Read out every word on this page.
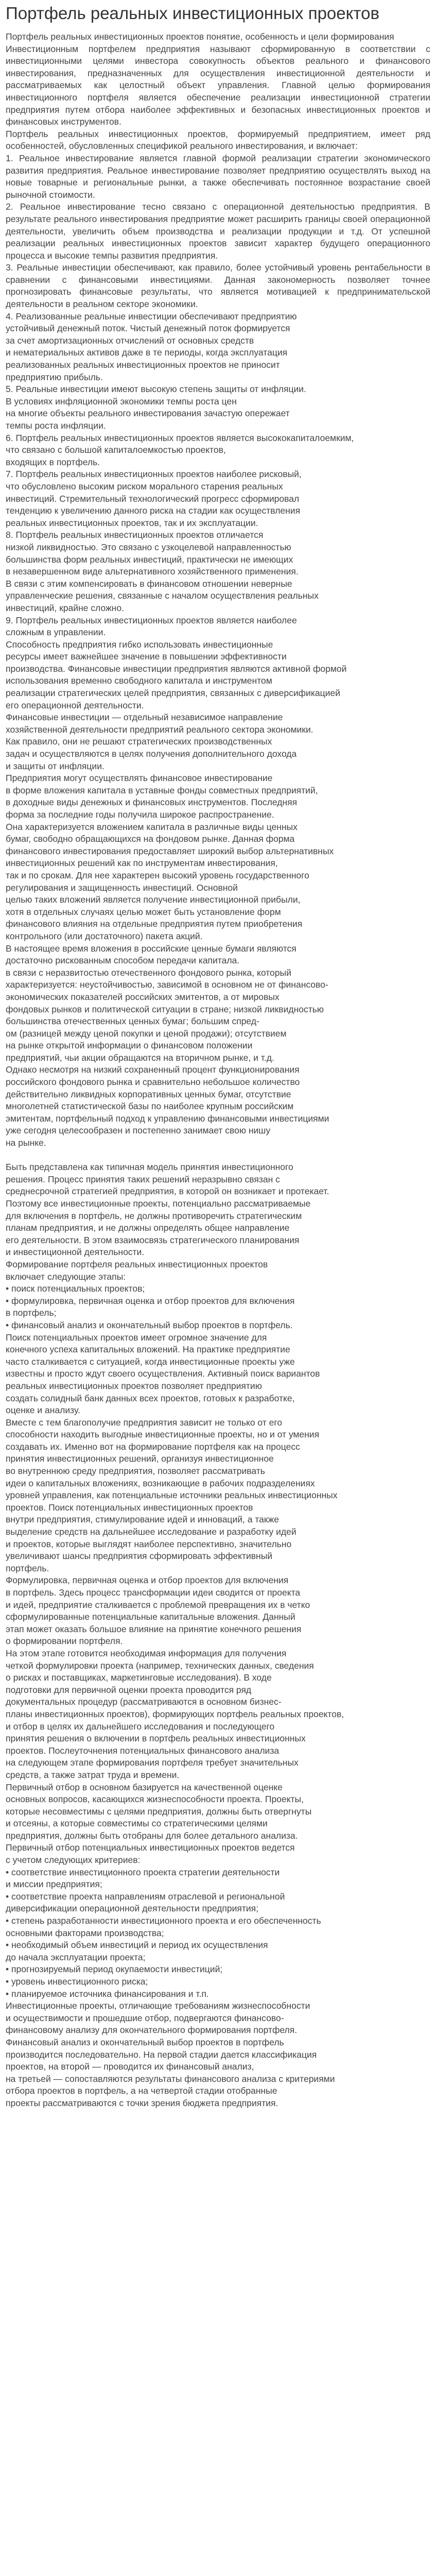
Портфель реальных инвестиционных проектов

Портфель реальных инвестиционных проектов понятие, особенность и цели формирования

Инвестиционным портфелем предприятия называют сформированную в соответствии с инвестиционными целями инвестора совокупность объектов реального и финансового инвестирования, предназначенных для осуществления инвестиционной деятельности и рассматриваемых как целостный объект управления. Главной целью формирования инвестиционного портфеля является обеспечение реализации инвестиционной стратегии предприятия путем отбора наиболее эффективных и безопасных инвестиционных проектов и финансовых инструментов.

Портфель реальных инвестиционных проектов, формируемый предприятием, имеет ряд особенностей, обусловленных спецификой реального инвестирования, и включает:

1. Реальное инвестирование является главной формой реализации стратегии экономического развития предприятия. Реальное инвестирование позволяет предприятию осуществлять выход на новые товарные и региональные рынки, а также обеспечивать постоянное возрастание своей рыночной стоимости.

2. Реальное инвестирование тесно связано с операционной деятельностью предприятия. В результате реального инвестирования предприятие может расширить границы своей операционной деятельности, увеличить объем производства и реализации продукции и т.д. От успешной реализации реальных инвестиционных проектов зависит характер будущего операционного процесса и высокие темпы развития предприятия.

3. Реальные инвестиции обеспечивают, как правило, более устойчивый уровень рентабельности в сравнении с финансовыми инвестициями. Данная закономерность позволяет точнее прогнозировать финансовые результаты, что является мотивацией к предпринимательской деятельности в реальном секторе экономики.

4. Реализованные реальные инвестиции обеспечивают предприятию

устойчивый денежный поток. Чистый денежный поток формируется

за счет амортизационных отчислений от основных средств

и нематериальных активов даже в те периоды, когда эксплуатация

реализованных реальных инвестиционных проектов не приносит

предприятию прибыль.

5. Реальные инвестиции имеют высокую степень защиты от инфляции.

В условиях инфляционной экономики темпы роста цен

на многие объекты реального инвестирования зачастую опережает

темпы роста инфляции.

6. Портфель реальных инвестиционных проектов является высококапиталоемким,

что связано с большой капиталоемкостью проектов,

входящих в портфель.

7. Портфель реальных инвестиционных проектов наиболее рисковый,

что обусловлено высоким риском морального старения реальных

инвестиций. Стремительный технологический прогресс сформировал

тенденцию к увеличению данного риска на стадии как осуществления

реальных инвестиционных проектов, так и их эксплуатации.

8. Портфель реальных инвестиционных проектов отличается

низкой ликвидностью. Это связано с узкоцелевой направленностью

большинства форм реальных инвестиций, практически не имеющих

в незавершенном виде альтернативного хозяйственного применения.

В связи с этим компенсировать в финансовом отношении неверные

управленческие решения, связанные с началом осуществления реальных

инвестиций, крайне сложно.

9. Портфель реальных инвестиционных проектов является наиболее

сложным в управлении.

Способность предприятия гибко использовать инвестиционные

ресурсы имеет важнейшее значение в повышении эффективности

производства. Финансовые инвестиции предприятия являются активной формой

использования временно свободного капитала и инструментом

реализации стратегических целей предприятия, связанных с диверсификацией

его операционной деятельности.

Финансовые инвестиции — отдельный независимое направление

хозяйственной деятельности предприятий реального сектора экономики.

Как правило, они не решают стратегических производственных

задач и осуществляются в целях получения дополнительного дохода

и защиты от инфляции.

Предприятия могут осуществлять финансовое инвестирование

в форме вложения капитала в уставные фонды совместных предприятий,

в доходные виды денежных и финансовых инструментов. Последняя

форма за последние годы получила широкое распространение.

Она характеризуется вложением капитала в различные виды ценных

бумаг, свободно обращающихся на фондовом рынке. Данная форма

финансового инвестирования предоставляет широкий выбор альтернативных

инвестиционных решений как по инструментам инвестирования,

так и по срокам. Для нее характерен высокий уровень государственного

регулирования и защищенность инвестиций. Основной

целью таких вложений является получение инвестиционной прибыли,

хотя в отдельных случаях целью может быть установление форм

финансового влияния на отдельные предприятия путем приобретения

контрольного (или достаточного) пакета акций.

В настоящее время вложения в российские ценные бумаги являются

достаточно рискованным способом передачи капитала.

в связи с неразвитостью отечественного фондового рынка, который

характеризуется: неустойчивостью, зависимой в основном не от финансово-

экономических показателей российских эмитентов, а от мировых

фондовых рынков и политической ситуации в стране; низкой ликвидностью

большинства отечественных ценных бумаг; большим спред-

ом (разницей между ценой покупки и ценой продажи); отсутствием

на рынке открытой информации о финансовом положении

предприятий, чьи акции обращаются на вторичном рынке, и т.д.

Однако несмотря на низкий сохраненный процент функционирования

российского фондового рынка и сравнительно небольшое количество

действительно ликвидных корпоративных ценных бумаг, отсутствие

многолетней статистической базы по наиболее крупным российским

эмитентам, портфельный подход к управлению финансовыми инвестициями

уже сегодня целесообразен и постепенно занимает свою нишу

на рынке.

Быть представлена как типичная модель принятия инвестиционного

решения. Процесс принятия таких решений неразрывно связан с

среднесрочной стратегией предприятия, в которой он возникает и протекает.

Поэтому все инвестиционные проекты, потенциально рассматриваемые

для включения в портфель, не должны противоречить стратегическим

планам предприятия, и не должны определять общее направление

его деятельности. В этом взаимосвязь стратегического планирования

и инвестиционной деятельности.

Формирование портфеля реальных инвестиционных проектов

включает следующие этапы:

• поиск потенциальных проектов;

• формулировка, первичная оценка и отбор проектов для включения

в портфель;

• финансовый анализ и окончательный выбор проектов в портфель.

Поиск потенциальных проектов имеет огромное значение для

конечного успеха капитальных вложений. На практике предприятие

часто сталкивается с ситуацией, когда инвестиционные проекты уже

известны и просто ждут своего осуществления. Активный поиск вариантов

реальных инвестиционных проектов позволяет предприятию

создать солидный банк данных всех проектов, готовых к разработке,

оценке и анализу.

Вместе с тем благополучие предприятия зависит не только от его

способности находить выгодные инвестиционные проекты, но и от умения

создавать их. Именно вот на формирование портфеля как на процесс

принятия инвестиционных решений, организуя инвестиционное

во внутреннюю среду предприятия, позволяет рассматривать

идеи о капитальных вложениях, возникающие в рабочих подразделениях

уровней управления, как потенциальные источники реальных инвестиционных

проектов. Поиск потенциальных инвестиционных проектов

внутри предприятия, стимулирование идей и инноваций, а также

выделение средств на дальнейшее исследование и разработку идей

и проектов, которые выглядят наиболее перспективно, значительно

увеличивают шансы предприятия сформировать эффективный

портфель.

Формулировка, первичная оценка и отбор проектов для включения

в портфель. Здесь процесс трансформации идеи сводится от проекта

и идей, предприятие сталкивается с проблемой превращения их в четко

сформулированные потенциальные капитальные вложения. Данный

этап может оказать большое влияние на принятие конечного решения

о формировании портфеля.

На этом этапе готовится необходимая информация для получения

четкой формулировки проекта (например, технических данных, сведения

о рисках и поставщиках, маркетинговые исследования). В ходе

подготовки для первичной оценки проекта проводится ряд

документальных процедур (рассматриваются в основном бизнес-

планы инвестиционных проектов), формирующих портфель реальных проектов,

и отбор в целях их дальнейшего исследования и последующего

принятия решения о включении в портфель реальных инвестиционных

проектов. Послеуточнения потенциальных финансового анализа

на следующем этапе формирования портфеля требует значительных

средств, а также затрат труда и времени.

Первичный отбор в основном базируется на качественной оценке

основных вопросов, касающихся жизнеспособности проекта. Проекты,

которые несовместимы с целями предприятия, должны быть отвергнуты

и отсеяны, а которые совместимы со стратегическими целями

предприятия, должны быть отобраны для более детального анализа.

Первичный отбор потенциальных инвестиционных проектов ведется

с учетом следующих критериев:

• соответствие инвестиционного проекта стратегии деятельности

и миссии предприятия;

• соответствие проекта направлениям отраслевой и региональной

диверсификации операционной деятельности предприятия;

• степень разработанности инвестиционного проекта и его обеспеченность

основными факторами производства;

• необходимый объем инвестиций и период их осуществления

до начала эксплуатации проекта;

• прогнозируемый период окупаемости инвестиций;

• уровень инвестиционного риска;

• планируемое источника финансирования и т.п.

Инвестиционные проекты, отличающие требованиям жизнеспособности

и осуществимости и прошедшие отбор, подвергаются финансово-

финансовому анализу для окончательного формирования портфеля.

Финансовый анализ и окончательный выбор проектов в портфель

производится последовательно. На первой стадии дается классификация

проектов, на второй — проводится их финансовый анализ,

на третьей — сопоставляются результаты финансового анализа с критериями

отбора проектов в портфель, а на четвертой стадии отобранные

проекты рассматриваются с точки зрения бюджета предприятия.
